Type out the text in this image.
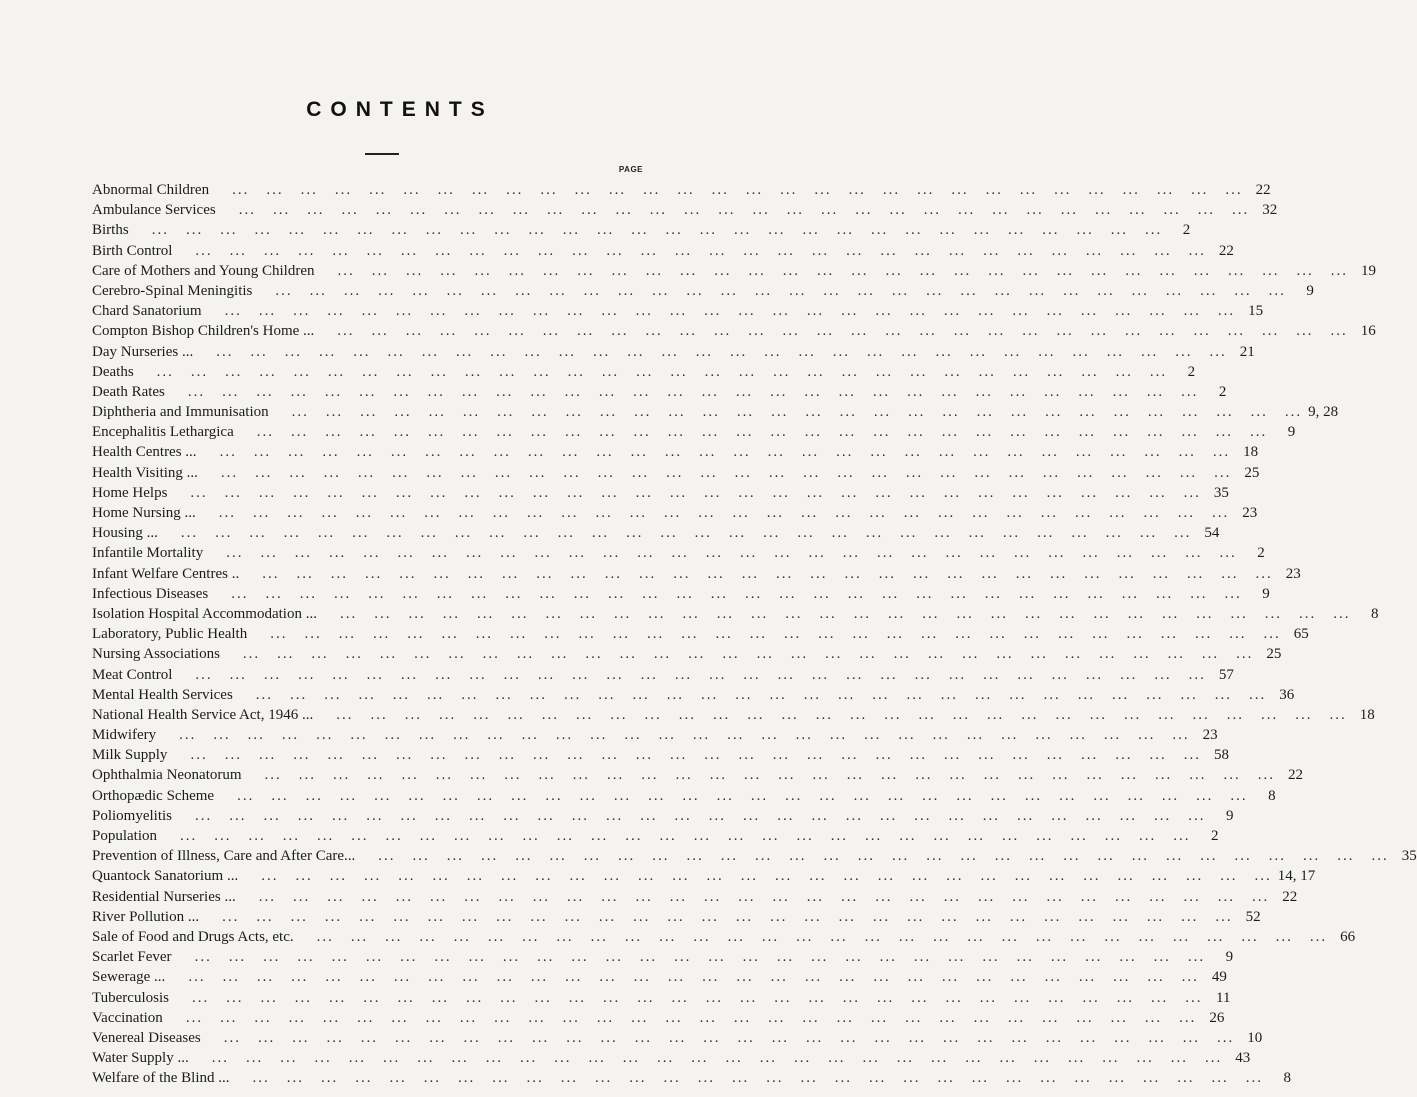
CONTENTS
PAGE
Abnormal Children ... ... ... ... ... ... ... ... ... ... ... ... ... ... ... ... ... ... ... ... ... ... ... ... ... ... ... ... ... ...  22
Ambulance Services ... ... ... ... ... ... ... ... ... ... ... ... ... ... ... ... ... ... ... ... ... ... ... ... ... ... ... ... ... ...  32
Births ... ... ... ... ... ... ... ... ... ... ... ... ... ... ... ... ... ... ... ... ... ... ... ... ... ... ... ... ... ... 	2
Birth Control ... ... ... ... ... ... ... ... ... ... ... ... ... ... ... ... ... ... ... ... ... ... ... ... ... ... ... ... ... ...  22
Care of Mothers and Young Children ... ... ... ... ... ... ... ... ... ... ... ... ... ... ... ... ... ... ... ... ... ... ... ... ... ... ... ... ... ...  19
Cerebro-Spinal Meningitis ... ... ... ... ... ... ... ... ... ... ... ... ... ... ... ... ... ... ... ... ... ... ... ... ... ... ... ... ... ... 	9
Chard Sanatorium ... ... ... ... ... ... ... ... ... ... ... ... ... ... ... ... ... ... ... ... ... ... ... ... ... ... ... ... ... ...  15
Compton Bishop Children's Home ... ... ... ... ... ... ... ... ... ... ... ... ... ... ... ... ... ... ... ... ... ... ... ... ... ... ... ... ... ... ...  16
Day Nurseries ... ... ... ... ... ... ... ... ... ... ... ... ... ... ... ... ... ... ... ... ... ... ... ... ... ... ... ... ... ... ...  21
Deaths ... ... ... ... ... ... ... ... ... ... ... ... ... ... ... ... ... ... ... ... ... ... ... ... ... ... ... ... ... ... 	2
Death Rates ... ... ... ... ... ... ... ... ... ... ... ... ... ... ... ... ... ... ... ... ... ... ... ... ... ... ... ... ... ... 	2
Diphtheria and Immunisation ... ... ... ... ... ... ... ... ... ... ... ... ... ... ... ... ... ... ... ... ... ... ... ... ... ... ... ... ... ...  9, 28
Encephalitis Lethargica ... ... ... ... ... ... ... ... ... ... ... ... ... ... ... ... ... ... ... ... ... ... ... ... ... ... ... ... ... ... 	9
Health Centres ... ... ... ... ... ... ... ... ... ... ... ... ... ... ... ... ... ... ... ... ... ... ... ... ... ... ... ... ... ... ...  18
Health Visiting ... ... ... ... ... ... ... ... ... ... ... ... ... ... ... ... ... ... ... ... ... ... ... ... ... ... ... ... ... ... ...  25
Home Helps ... ... ... ... ... ... ... ... ... ... ... ... ... ... ... ... ... ... ... ... ... ... ... ... ... ... ... ... ... ...  35
Home Nursing ... ... ... ... ... ... ... ... ... ... ... ... ... ... ... ... ... ... ... ... ... ... ... ... ... ... ... ... ... ... ...  23
Housing ... ... ... ... ... ... ... ... ... ... ... ... ... ... ... ... ... ... ... ... ... ... ... ... ... ... ... ... ... ... ...  54
Infantile Mortality ... ... ... ... ... ... ... ... ... ... ... ... ... ... ... ... ... ... ... ... ... ... ... ... ... ... ... ... ... ... 	2
Infant Welfare Centres .. ... ... ... ... ... ... ... ... ... ... ... ... ... ... ... ... ... ... ... ... ... ... ... ... ... ... ... ... ... ...  23
Infectious Diseases ... ... ... ... ... ... ... ... ... ... ... ... ... ... ... ... ... ... ... ... ... ... ... ... ... ... ... ... ... ... 	9
Isolation Hospital Accommodation ... ... ... ... ... ... ... ... ... ... ... ... ... ... ... ... ... ... ... ... ... ... ... ... ... ... ... ... ... ... ... 	8
Laboratory, Public Health ... ... ... ... ... ... ... ... ... ... ... ... ... ... ... ... ... ... ... ... ... ... ... ... ... ... ... ... ... ...  65
Nursing Associations ... ... ... ... ... ... ... ... ... ... ... ... ... ... ... ... ... ... ... ... ... ... ... ... ... ... ... ... ... ...  25
Meat Control ... ... ... ... ... ... ... ... ... ... ... ... ... ... ... ... ... ... ... ... ... ... ... ... ... ... ... ... ... ...  57
Mental Health Services ... ... ... ... ... ... ... ... ... ... ... ... ... ... ... ... ... ... ... ... ... ... ... ... ... ... ... ... ... ...  36
National Health Service Act, 1946 ... ... ... ... ... ... ... ... ... ... ... ... ... ... ... ... ... ... ... ... ... ... ... ... ... ... ... ... ... ... ...  18
Midwifery ... ... ... ... ... ... ... ... ... ... ... ... ... ... ... ... ... ... ... ... ... ... ... ... ... ... ... ... ... ...  23
Milk Supply ... ... ... ... ... ... ... ... ... ... ... ... ... ... ... ... ... ... ... ... ... ... ... ... ... ... ... ... ... ...  58
Ophthalmia Neonatorum ... ... ... ... ... ... ... ... ... ... ... ... ... ... ... ... ... ... ... ... ... ... ... ... ... ... ... ... ... ...  22
Orthopædic Scheme ... ... ... ... ... ... ... ... ... ... ... ... ... ... ... ... ... ... ... ... ... ... ... ... ... ... ... ... ... ... 	8
Poliomyelitis ... ... ... ... ... ... ... ... ... ... ... ... ... ... ... ... ... ... ... ... ... ... ... ... ... ... ... ... ... ... 	9
Population ... ... ... ... ... ... ... ... ... ... ... ... ... ... ... ... ... ... ... ... ... ... ... ... ... ... ... ... ... ... 	2
Prevention of Illness, Care and After Care... ... ... ... ... ... ... ... ... ... ... ... ... ... ... ... ... ... ... ... ... ... ... ... ... ... ... ... ... ... ...  35
Quantock Sanatorium ... ... ... ... ... ... ... ... ... ... ... ... ... ... ... ... ... ... ... ... ... ... ... ... ... ... ... ... ... ... ...  14, 17
Residential Nurseries ... ... ... ... ... ... ... ... ... ... ... ... ... ... ... ... ... ... ... ... ... ... ... ... ... ... ... ... ... ... ...  22
River Pollution ... ... ... ... ... ... ... ... ... ... ... ... ... ... ... ... ... ... ... ... ... ... ... ... ... ... ... ... ... ... ...  52
Sale of Food and Drugs Acts, etc. ... ... ... ... ... ... ... ... ... ... ... ... ... ... ... ... ... ... ... ... ... ... ... ... ... ... ... ... ... ...  66
Scarlet Fever ... ... ... ... ... ... ... ... ... ... ... ... ... ... ... ... ... ... ... ... ... ... ... ... ... ... ... ... ... ... 	9
Sewerage ... ... ... ... ... ... ... ... ... ... ... ... ... ... ... ... ... ... ... ... ... ... ... ... ... ... ... ... ... ... ...  49
Tuberculosis ... ... ... ... ... ... ... ... ... ... ... ... ... ... ... ... ... ... ... ... ... ... ... ... ... ... ... ... ... ...  11
Vaccination ... ... ... ... ... ... ... ... ... ... ... ... ... ... ... ... ... ... ... ... ... ... ... ... ... ... ... ... ... ...  26
Venereal Diseases ... ... ... ... ... ... ... ... ... ... ... ... ... ... ... ... ... ... ... ... ... ... ... ... ... ... ... ... ... ...  10
Water Supply ... ... ... ... ... ... ... ... ... ... ... ... ... ... ... ... ... ... ... ... ... ... ... ... ... ... ... ... ... ... ...  43
Welfare of the Blind ... ... ... ... ... ... ... ... ... ... ... ... ... ... ... ... ... ... ... ... ... ... ... ... ... ... ... ... ... ... ... 	8
